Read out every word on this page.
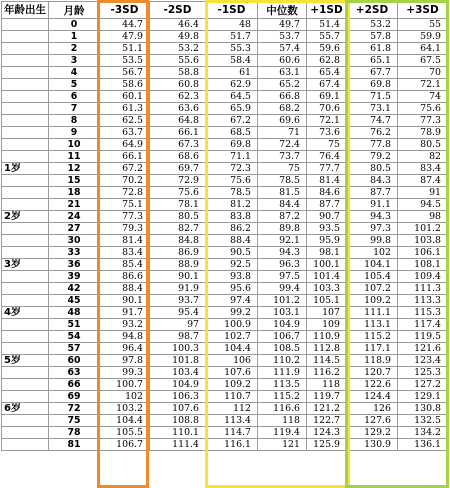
年龄出生	月龄	-3SD	-2SD	-1SD	中位数	+1SD	+2SD	+3SD
	0	44.7	46.4	48	49.7	51.4	53.2	55
	1	47.9	49.8	51.7	53.7	55.7	57.8	59.9
	2	51.1	53.2	55.3	57.4	59.6	61.8	64.1
	3	53.5	55.6	58.4	60.6	62.8	65.1	67.5
	4	56.7	58.8	61	63.1	65.4	67.7	70
	5	58.6	60.8	62.9	65.2	67.4	69.8	72.1
	6	60.1	62.3	64.5	66.8	69.1	71.5	74
	7	61.3	63.6	65.9	68.2	70.6	73.1	75.6
	8	62.5	64.8	67.2	69.6	72.1	74.7	77.3
	9	63.7	66.1	68.5	71	73.6	76.2	78.9
	10	64.9	67.3	69.8	72.4	75	77.8	80.5
	11	66.1	68.6	71.1	73.7	76.4	79.2	82
1岁	12	67.2	69.7	72.3	75	77.7	80.5	83.4
	15	70.2	72.9	75.6	78.5	81.4	84.3	87.4
	18	72.8	75.6	78.5	81.5	84.6	87.7	91
	21	75.1	78.1	81.2	84.4	87.7	91.1	94.5
2岁	24	77.3	80.5	83.8	87.2	90.7	94.3	98
	27	79.3	82.7	86.2	89.8	93.5	97.3	101.2
	30	81.4	84.8	88.4	92.1	95.9	99.8	103.8
	33	83.4	86.9	90.5	94.3	98.1	102	106.1
3岁	36	85.4	88.9	92.5	96.3	100.1	104.1	108.1
	39	86.6	90.1	93.8	97.5	101.4	105.4	109.4
	42	88.4	91.9	95.6	99.4	103.3	107.2	111.3
	45	90.1	93.7	97.4	101.2	105.1	109.2	113.3
4岁	48	91.7	95.4	99.2	103.1	107	111.1	115.3
	51	93.2	97	100.9	104.9	109	113.1	117.4
	54	94.8	98.7	102.7	106.7	110.9	115.2	119.5
	57	96.4	100.3	104.4	108.5	112.8	117.1	121.6
5岁	60	97.8	101.8	106	110.2	114.5	118.9	123.4
	63	99.3	103.4	107.6	111.9	116.2	120.7	125.3
	66	100.7	104.9	109.2	113.5	118	122.6	127.2
	69	102	106.3	110.7	115.2	119.7	124.4	129.1
6岁	72	103.2	107.6	112	116.6	121.2	126	130.8
	75	104.4	108.8	113.4	118	122.7	127.6	132.5
	78	105.5	110.1	114.7	119.4	124.3	129.2	134.2
	81	106.7	111.4	116.1	121	125.9	130.9	136.1
